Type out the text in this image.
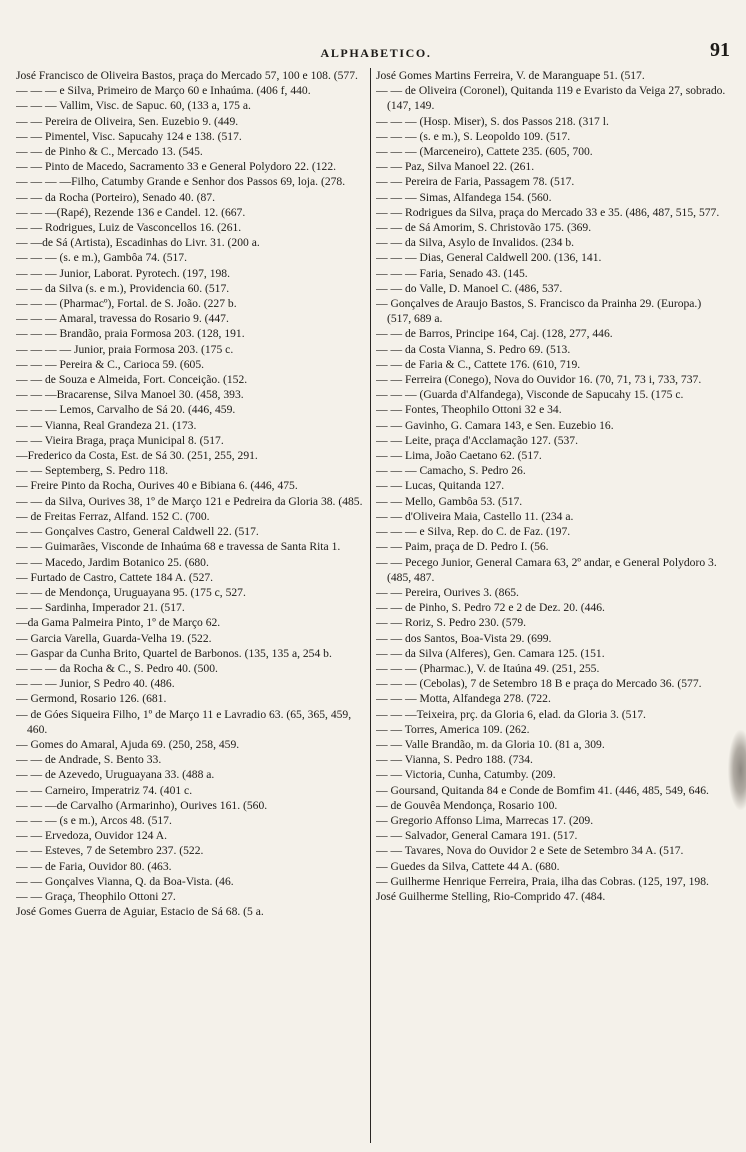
ALPHABETICO.	91
José Francisco de Oliveira Bastos, praça do Mercado 57, 100 e 108. (577.
— — — e Silva, Primeiro de Março 60 e Inhaúma. (406 f, 440.
— — — Vallim, Visc. de Sapuc. 60, (133 a, 175 a.
— — Pereira de Oliveira, Sen. Euzebio 9. (449.
— — Pimentel, Visc. Sapucahy 124 e 138. (517.
— — de Pinho & C., Mercado 13. (545.
— — Pinto de Macedo, Sacramento 33 e General Polydoro 22. (122.
— — — —Filho, Catumby Grande e Senhor dos Passos 69, loja. (278.
— — da Rocha (Porteiro), Senado 40. (87.
— — —(Rapé), Rezende 136 e Candel. 12. (667.
— — Rodrigues, Luiz de Vasconcellos 16. (261.
— —de Sá (Artista), Escadinhas do Livr. 31. (200 a.
— — — (s. e m.), Gambôa 74. (517.
— — — Junior, Laborat. Pyrotech. (197, 198.
— — da Silva (s. e m.), Providencia 60. (517.
— — — (Pharmacº), Fortal. de S. João. (227 b.
— — — Amaral, travessa do Rosario 9. (447.
— — — Brandão, praia Formosa 203. (128, 191.
— — — — Junior, praia Formosa 203. (175 c.
— — — Pereira & C., Carioca 59. (605.
— — de Souza e Almeida, Fort. Conceição. (152.
— — —Bracarense, Silva Manoel 30. (458, 393.
— — — Lemos, Carvalho de Sá 20. (446, 459.
— — Vianna, Real Grandeza 21. (173.
— — Vieira Braga, praça Municipal 8. (517.
—Frederico da Costa, Est. de Sá 30. (251, 255, 291.
— — Septemberg, S. Pedro 118.
— Freire Pinto da Rocha, Ourives 40 e Bibiana 6. (446, 475.
— — da Silva, Ourives 38, 1º de Março 121 e Pedreira da Gloria 38. (485.
— de Freitas Ferraz, Alfand. 152 C. (700.
— — Gonçalves Castro, General Caldwell 22. (517.
— — Guimarães, Visconde de Inhaúma 68 e travessa de Santa Rita 1.
— — Macedo, Jardim Botanico 25. (680.
— Furtado de Castro, Cattete 184 A. (527.
— — de Mendonça, Uruguayana 95. (175 c, 527.
— — Sardinha, Imperador 21. (517.
—da Gama Palmeira Pinto, 1º de Março 62.
— Garcia Varella, Guarda-Velha 19. (522.
— Gaspar da Cunha Brito, Quartel de Barbonos. (135, 135 a, 254 b.
— — — da Rocha & C., S. Pedro 40. (500.
— — — Junior, S Pedro 40. (486.
— Germond, Rosario 126. (681.
— de Góes Siqueira Filho, 1º de Março 11 e Lavradio 63. (65, 365, 459, 460.
— Gomes do Amaral, Ajuda 69. (250, 258, 459.
— — de Andrade, S. Bento 33.
— — de Azevedo, Uruguayana 33. (488 a.
— — Carneiro, Imperatriz 74. (401 c.
— — —de Carvalho (Armarinho), Ourives 161. (560.
— — — (s e m.), Arcos 48. (517.
— — Ervedoza, Ouvidor 124 A.
— — Esteves, 7 de Setembro 237. (522.
— — de Faria, Ouvidor 80. (463.
— — Gonçalves Vianna, Q. da Boa-Vista. (46.
— — Graça, Theophilo Ottoni 27.
José Gomes Guerra de Aguiar, Estacio de Sá 68. (5 a.
José Gomes Martins Ferreira, V. de Maranguape 51. (517.
— — de Oliveira (Coronel), Quitanda 119 e Evaristo da Veiga 27, sobrado. (147, 149.
— — — (Hosp. Miser), S. dos Passos 218. (317 l.
— — — (s. e m.), S. Leopoldo 109. (517.
— — — (Marceneiro), Cattete 235. (605, 700.
— — Paz, Silva Manoel 22. (261.
— — Pereira de Faria, Passagem 78. (517.
— — — Simas, Alfandega 154. (560.
— — Rodrigues da Silva, praça do Mercado 33 e 35. (486, 487, 515, 577.
— — de Sá Amorim, S. Christovão 175. (369.
— — da Silva, Asylo de Invalidos. (234 b.
— — — Dias, General Caldwell 200. (136, 141.
— — — Faria, Senado 43. (145.
— — do Valle, D. Manoel C. (486, 537.
— Gonçalves de Araujo Bastos, S. Francisco da Prainha 29. (Europa.) (517, 689 a.
— — de Barros, Principe 164, Caj. (128, 277, 446.
— — da Costa Vianna, S. Pedro 69. (513.
— — de Faria & C., Cattete 176. (610, 719.
— — Ferreira (Conego), Nova do Ouvidor 16. (70, 71, 73 i, 733, 737.
— — — (Guarda d'Alfandega), Visconde de Sapucahy 15. (175 c.
— — Fontes, Theophilo Ottoni 32 e 34.
— — Gavinho, G. Camara 143, e Sen. Euzebio 16.
— — Leite, praça d'Acclamação 127. (537.
— — Lima, João Caetano 62. (517.
— — — Camacho, S. Pedro 26.
— — Lucas, Quitanda 127.
— — Mello, Gambôa 53. (517.
— — d'Oliveira Maia, Castello 11. (234 a.
— — — e Silva, Rep. do C. de Faz. (197.
— — Paim, praça de D. Pedro I. (56.
— — Pecego Junior, General Camara 63, 2º andar, e General Polydoro 3. (485, 487.
— — Pereira, Ourives 3. (865.
— — de Pinho, S. Pedro 72 e 2 de Dez. 20. (446.
— — Roriz, S. Pedro 230. (579.
— — dos Santos, Boa-Vista 29. (699.
— — da Silva (Alferes), Gen. Camara 125. (151.
— — — (Pharmac.), V. de Itaúna 49. (251, 255.
— — — (Cebolas), 7 de Setembro 18 B e praça do Mercado 36. (577.
— — — Motta, Alfandega 278. (722.
— — —Teixeira, prç. da Gloria 6, elad. da Gloria 3. (517.
— — Torres, America 109. (262.
— — Valle Brandão, m. da Gloria 10. (81 a, 309.
— — Vianna, S. Pedro 188. (734.
— — Victoria, Cunha, Catumby. (209.
— Goursand, Quitanda 84 e Conde de Bomfim 41. (446, 485, 549, 646.
— de Gouvêa Mendonça, Rosario 100.
— Gregorio Affonso Lima, Marrecas 17. (209.
— — Salvador, General Camara 191. (517.
— — Tavares, Nova do Ouvidor 2 e Sete de Setembro 34 A. (517.
— Guedes da Silva, Cattete 44 A. (680.
— Guilherme Henrique Ferreira, Praia, ilha das Cobras. (125, 197, 198.
José Guilherme Stelling, Rio-Comprido 47. (484.
